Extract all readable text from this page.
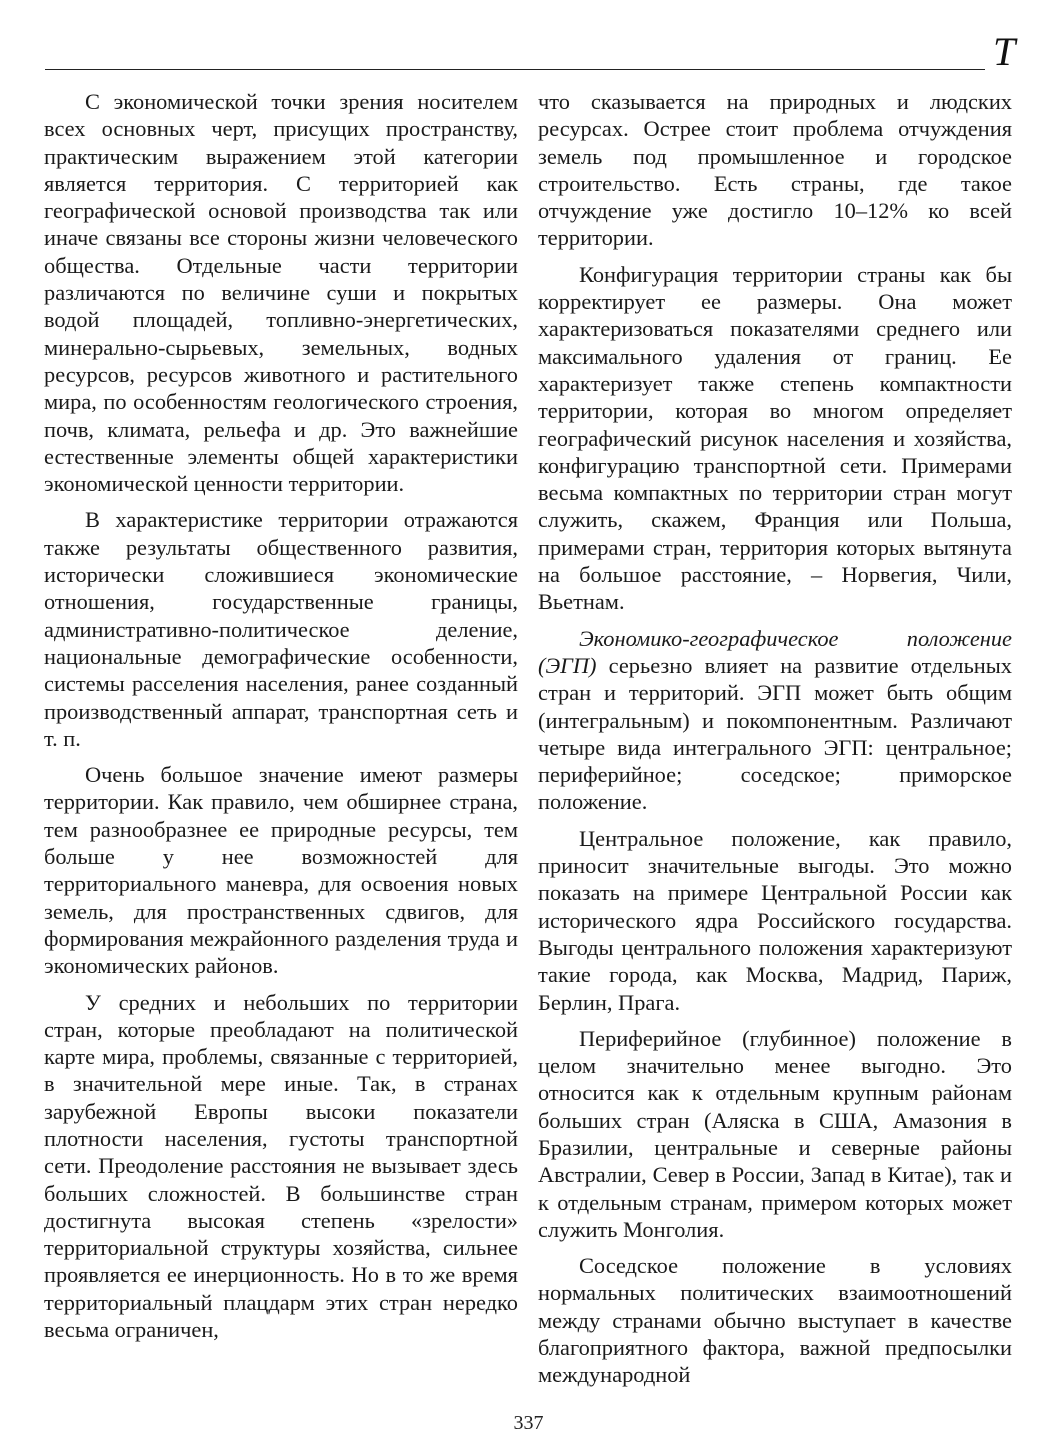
T

С экономической точки зрения носителем всех основных черт, присущих пространству, практическим выражением этой категории является территория. С территорией как географической основой производства так или иначе связаны все стороны жизни человеческого общества. Отдельные части территории различаются по величине суши и покрытых водой площадей, топливно-энергетических, минерально-сырьевых, земельных, водных ресурсов, ресурсов животного и растительного мира, по особенностям геологического строения, почв, климата, рельефа и др. Это важнейшие естественные элементы общей характеристики экономической ценности территории.

В характеристике территории отражаются также результаты общественного развития, исторически сложившиеся экономические отношения, государственные границы, административно-политическое деление, национальные демографические особенности, системы расселения населения, ранее созданный производственный аппарат, транспортная сеть и т. п.

Очень большое значение имеют размеры территории. Как правило, чем обширнее страна, тем разнообразнее ее природные ресурсы, тем больше у нее возможностей для территориального маневра, для освоения новых земель, для пространственных сдвигов, для формирования межрайонного разделения труда и экономических районов.

У средних и небольших по территории стран, которые преобладают на политической карте мира, проблемы, связанные с территорией, в значительной мере иные. Так, в странах зарубежной Европы высоки показатели плотности населения, густоты транспортной сети. Преодоление расстояния не вызывает здесь больших сложностей. В большинстве стран достигнута высокая степень «зрелости» территориальной структуры хозяйства, сильнее проявляется ее инерционность. Но в то же время территориальный плацдарм этих стран нередко весьма ограничен,

что сказывается на природных и людских ресурсах. Острее стоит проблема отчуждения земель под промышленное и городское строительство. Есть страны, где такое отчуждение уже достигло 10–12% ко всей территории.

Конфигурация территории страны как бы корректирует ее размеры. Она может характеризоваться показателями среднего или максимального удаления от границ. Ее характеризует также степень компактности территории, которая во многом определяет географический рисунок населения и хозяйства, конфигурацию транспортной сети. Примерами весьма компактных по территории стран могут служить, скажем, Франция или Польша, примерами стран, территория которых вытянута на большое расстояние, – Норвегия, Чили, Вьетнам.

Экономико-географическое положение (ЭГП) серьезно влияет на развитие отдельных стран и территорий. ЭГП может быть общим (интегральным) и покомпонентным. Различают четыре вида интегрального ЭГП: центральное; периферийное; соседское; приморское положение.

Центральное положение, как правило, приносит значительные выгоды. Это можно показать на примере Центральной России как исторического ядра Российского государства. Выгоды центрального положения характеризуют такие города, как Москва, Мадрид, Париж, Берлин, Прага.

Периферийное (глубинное) положение в целом значительно менее выгодно. Это относится как к отдельным крупным районам больших стран (Аляска в США, Амазония в Бразилии, центральные и северные районы Австралии, Север в России, Запад в Китае), так и к отдельным странам, примером которых может служить Монголия.

Соседское положение в условиях нормальных политических взаимоотношений между странами обычно выступает в качестве благоприятного фактора, важной предпосылки международной

337
